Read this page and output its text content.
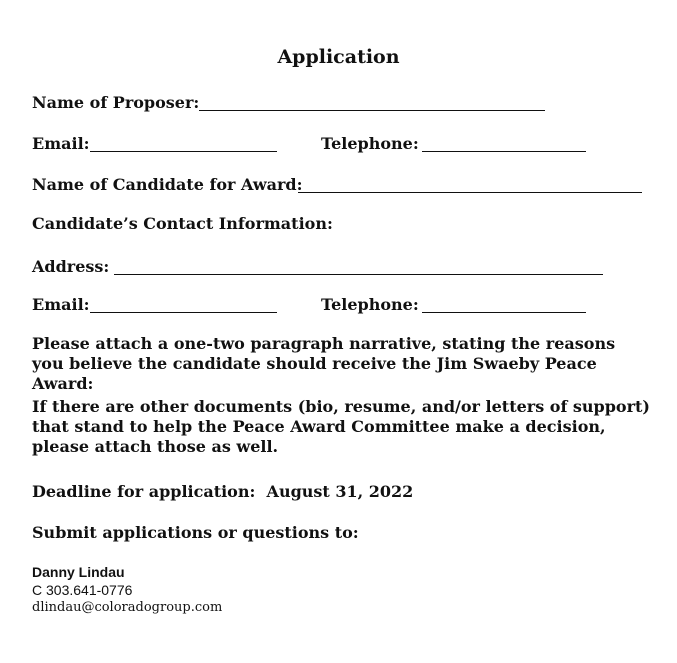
Application
Name of Proposer:
Email:	Telephone:
Name of Candidate for Award:
Candidate’s Contact Information:
Address:
Email:	Telephone:

Please attach a one-two paragraph narrative, stating the reasons you believe the candidate should receive the Jim Swaeby Peace Award:

If there are other documents (bio, resume, and/or letters of support) that stand to help the Peace Award Committee make a decision, please attach those as well.

Deadline for application:  August 31, 2022

Submit applications or questions to:

Danny Lindau
C 303.641-0776
dlindau@coloradogroup.com
